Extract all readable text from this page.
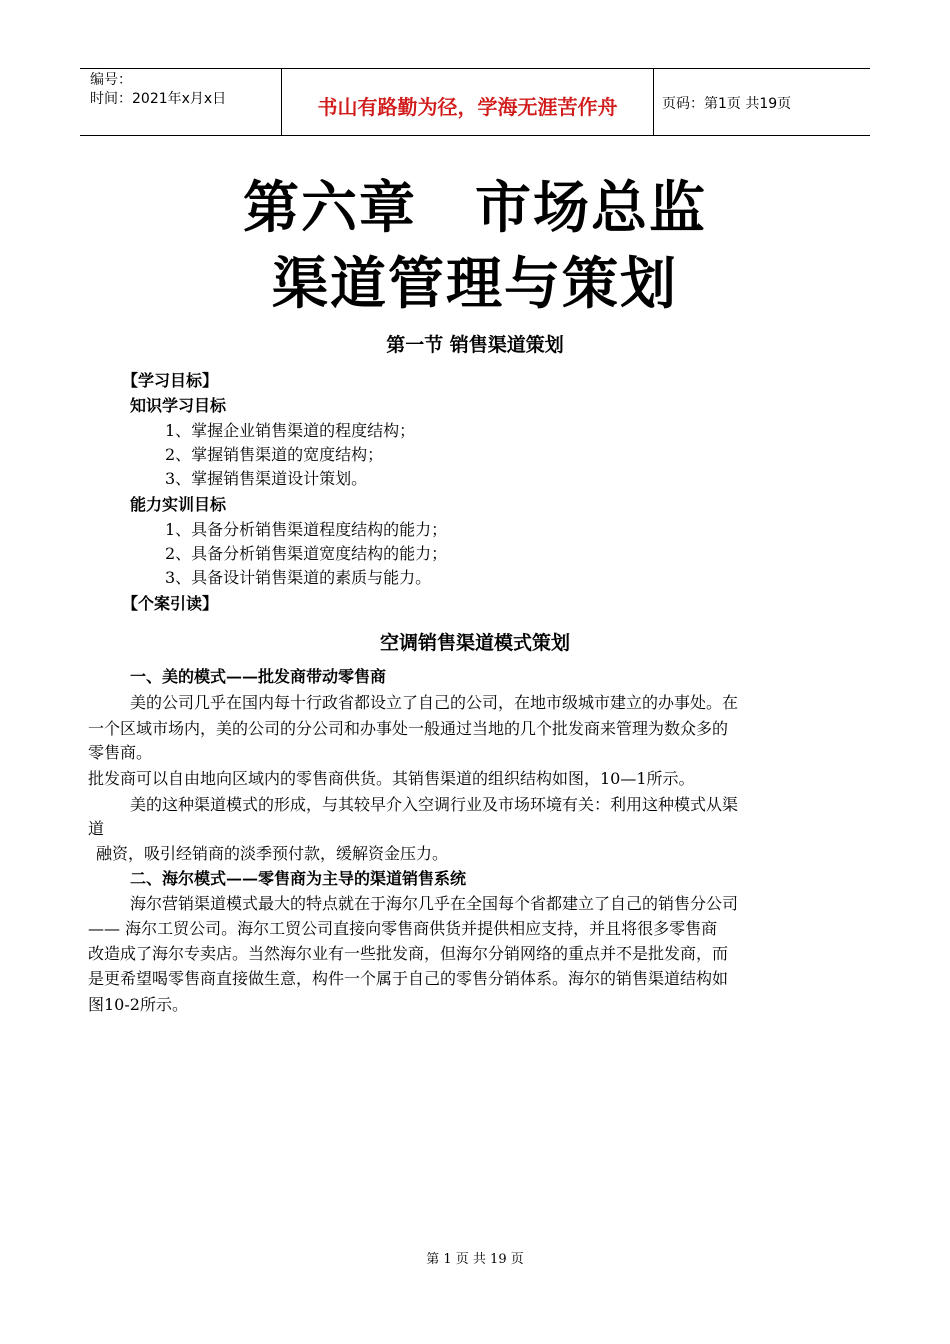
编号：
时间：2021年x月x日	书山有路勤为径，学海无涯苦作舟	页码：第1页 共19页
第六章　市场总监
渠道管理与策划
第一节 销售渠道策划
【学习目标】
知识学习目标
1、掌握企业销售渠道的程度结构；
2、掌握销售渠道的宽度结构；
3、掌握销售渠道设计策划。
能力实训目标
1、具备分析销售渠道程度结构的能力；
2、具备分析销售渠道宽度结构的能力；
3、具备设计销售渠道的素质与能力。
【个案引读】
空调销售渠道模式策划
一、美的模式——批发商带动零售商
美的公司几乎在国内每十行政省都设立了自己的公司，在地市级城市建立的办事处。在
一个区域市场内，美的公司的分公司和办事处一般通过当地的几个批发商来管理为数众多的
零售商。
批发商可以自由地向区域内的零售商供货。其销售渠道的组织结构如图，10—1所示。
美的这种渠道模式的形成，与其较早介入空调行业及市场环境有关：利用这种模式从渠
道
融资，吸引经销商的淡季预付款，缓解资金压力。
二、海尔模式——零售商为主导的渠道销售系统
海尔营销渠道模式最大的特点就在于海尔几乎在全国每个省都建立了自己的销售分公司
—— 海尔工贸公司。海尔工贸公司直接向零售商供货并提供相应支持，并且将很多零售商
改造成了海尔专卖店。当然海尔业有一些批发商，但海尔分销网络的重点并不是批发商，而
是更希望喝零售商直接做生意，构件一个属于自己的零售分销体系。海尔的销售渠道结构如
图10-2所示。
第 1 页 共 19 页
